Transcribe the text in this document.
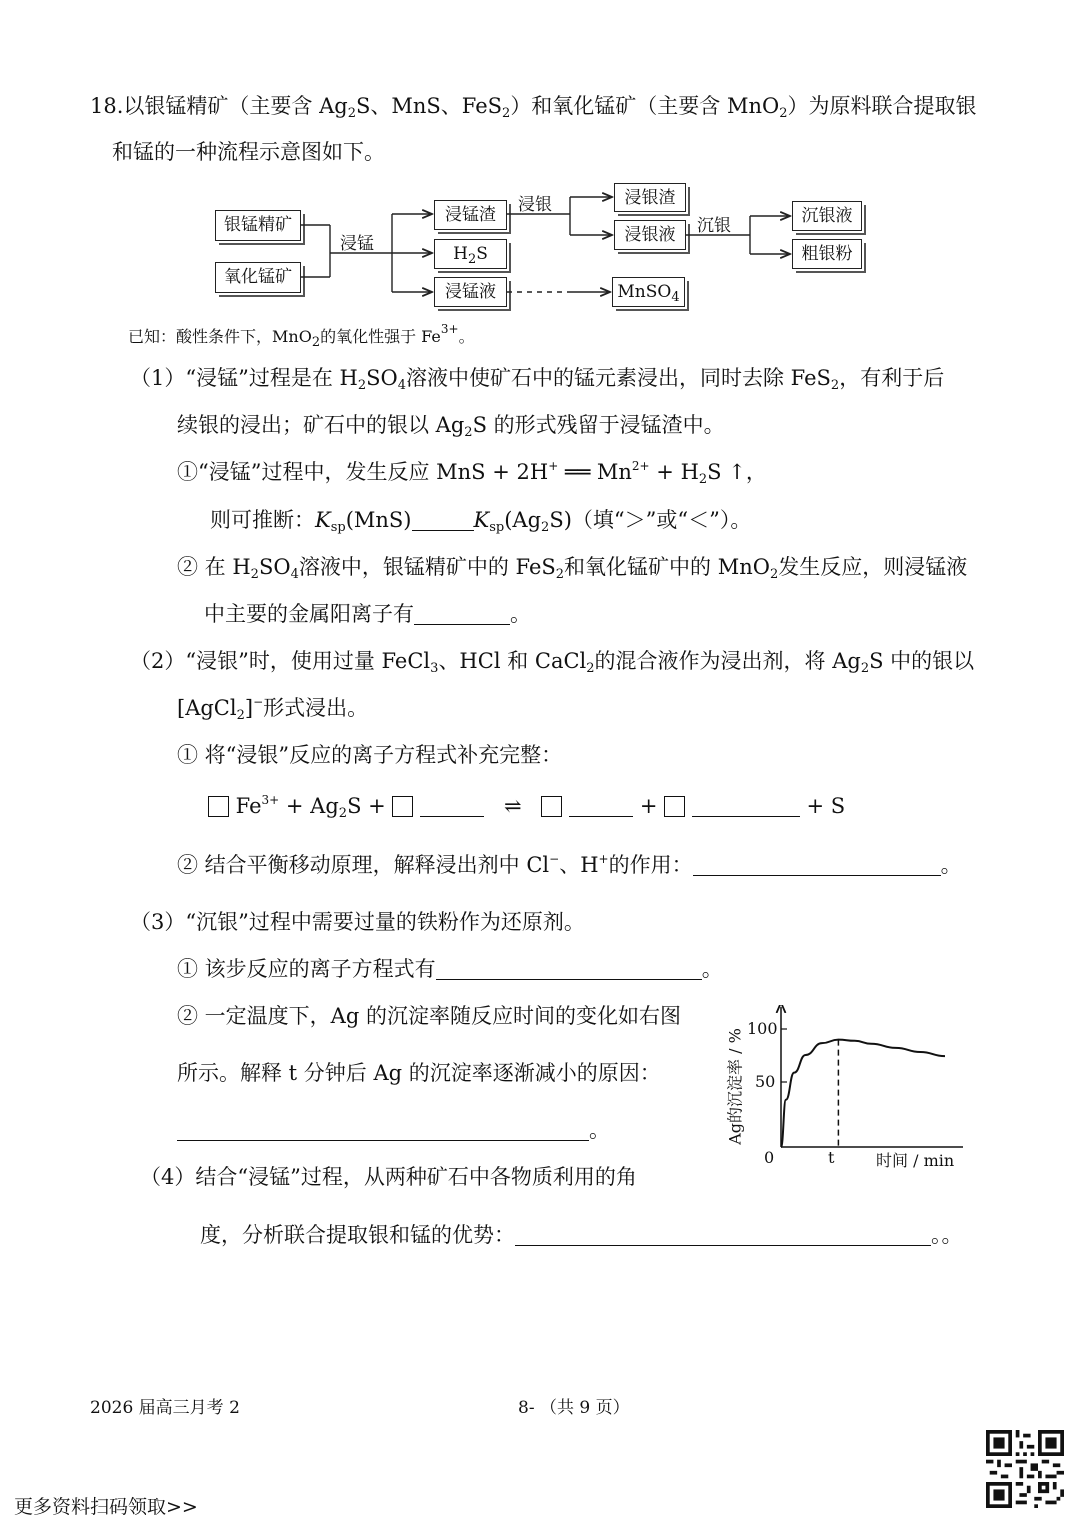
18.以银锰精矿（主要含 $Ag_2S$、MnS、FeS$_2$）和氧化锰矿（主要含 MnO$_2$）为原料联合提取银
和锰的一种流程示意图如下。
银锰精矿
氧化锰矿
浸锰
浸锰渣
$H_2S$
浸锰液
浸银	浸银渣
浸银液	沉银	沉银液
粗银粉
MnSO$_4$
已知：酸性条件下，MnO$_2$的氧化性强于 $Fe^{3+}$。
（1）“浸锰”过程是在 $H_2SO_4$溶液中使矿石中的锰元素浸出，同时去除 FeS$_2$，有利于后
续银的浸出；矿石中的银以 $Ag_2S$ 的形式残留于浸锰渣中。
①“浸锰”过程中，发生反应 MnS + 2H+ ══ $Mn^{2+} + H_2S$ ↑，
则可推断：$K_{sp}(MnS)$	$K_{sp}(Ag_2S)$（填“＞”或“＜”）。
② 在 $H_2SO_4$溶液中，银锰精矿中的 FeS$_2$和氧化锰矿中的 MnO$_2$发生反应，则浸锰液
中主要的金属阳离子有	。
（2）“浸银”时，使用过量 FeCl$_3$、HCl 和 CaCl$_2$的混合液作为浸出剂，将 $Ag_2S$ 中的银以
[AgCl$_2$]−形式浸出。
① 将“浸银”反应的离子方程式补充完整：
$Fe^{3+} + Ag_2S$ +	⇌	+	+ S
② 结合平衡移动原理，解释浸出剂中 Cl−、H+的作用：	。
（3）“沉银”过程中需要过量的铁粉作为还原剂。
① 该步反应的离子方程式有	。
② 一定温度下，Ag 的沉淀率随反应时间的变化如右图
所示。解释 t 分钟后 Ag 的沉淀率逐渐减小的原因：
。	Ag的沉淀率 / % 100
50
0	t	时间 / min
（4）结合“浸锰”过程，从两种矿石中各物质利用的角
度，分析联合提取银和锰的优势：	。。
2026 届高三月考 2	8- （共 9 页）
更多资料扫码领取>>
